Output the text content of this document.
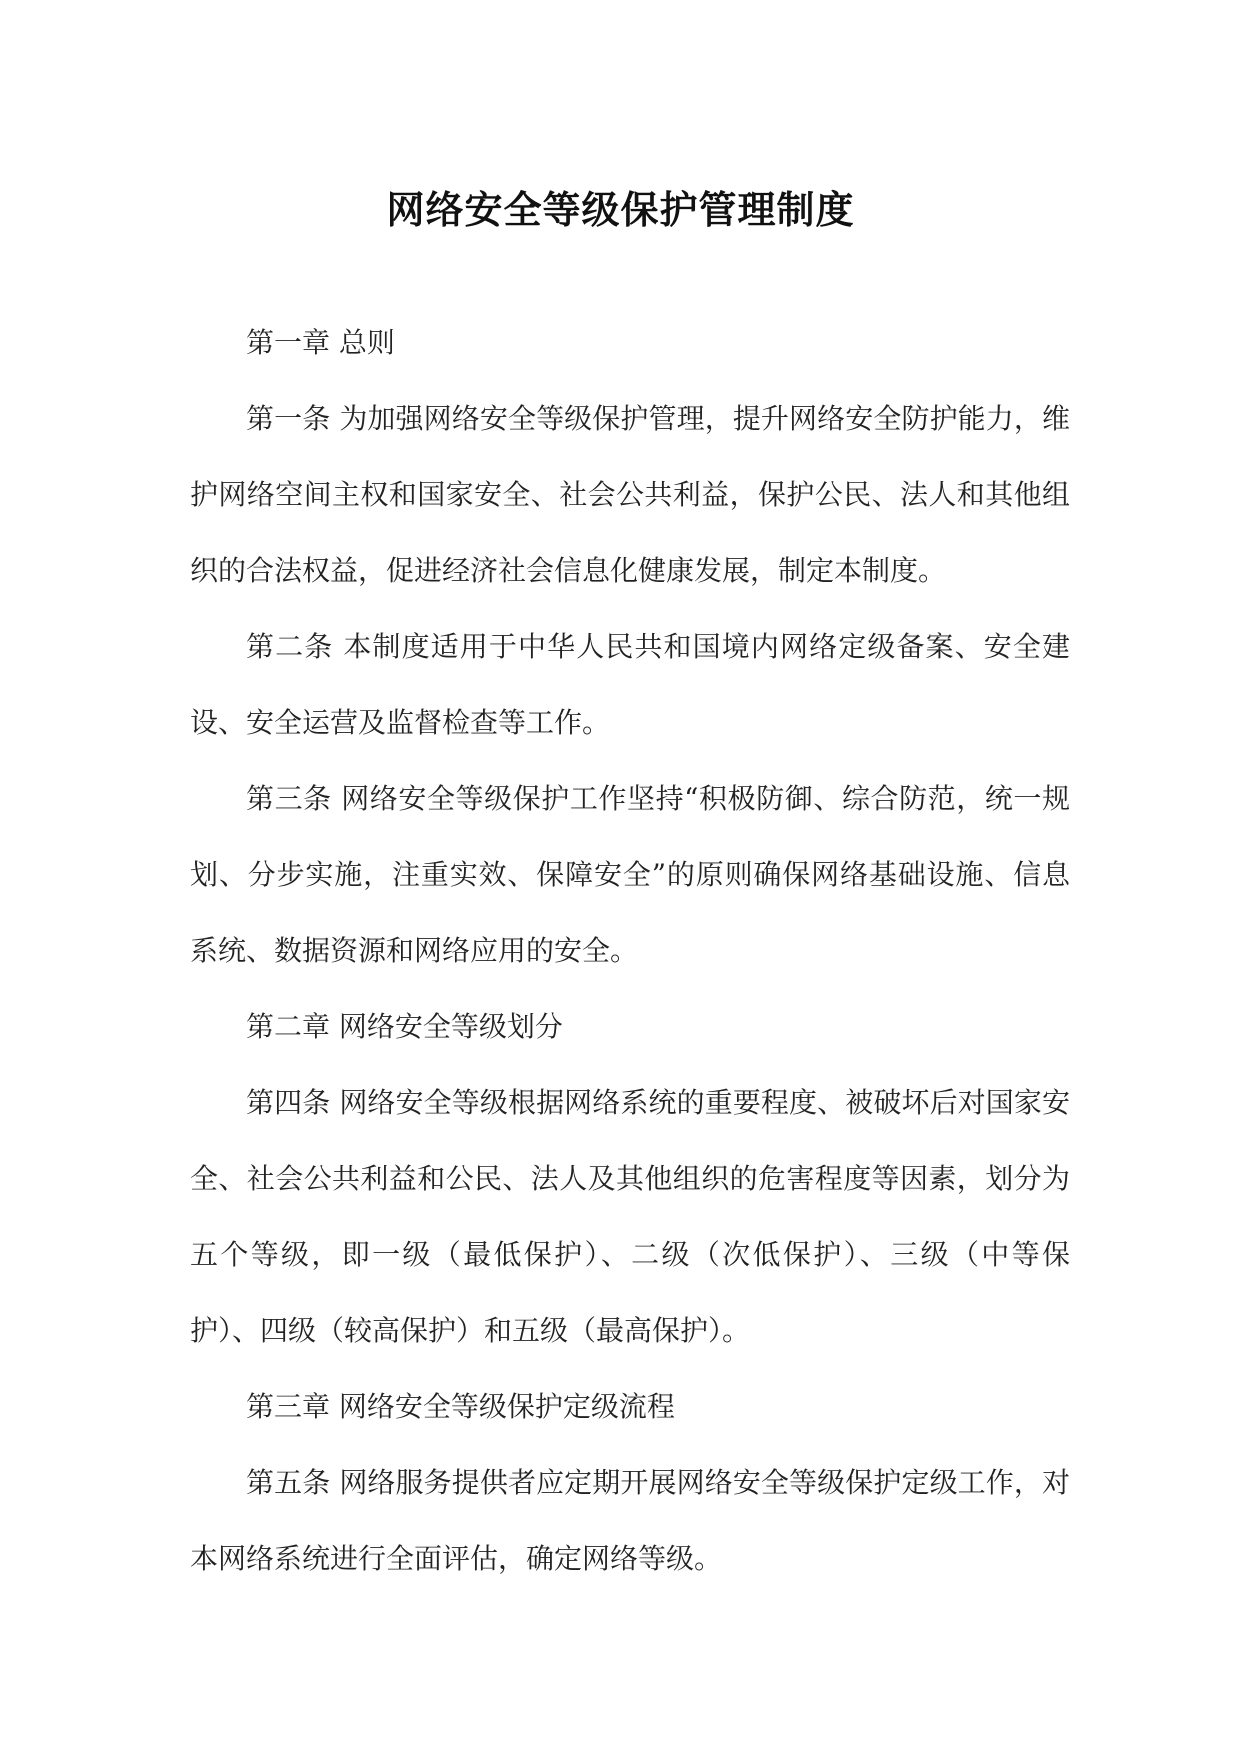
网络安全等级保护管理制度

第一章 总则

第一条 为加强网络安全等级保护管理，提升网络安全防护能力，维护网络空间主权和国家安全、社会公共利益，保护公民、法人和其他组织的合法权益，促进经济社会信息化健康发展，制定本制度。

第二条 本制度适用于中华人民共和国境内网络定级备案、安全建设、安全运营及监督检查等工作。

第三条 网络安全等级保护工作坚持“积极防御、综合防范，统一规划、分步实施，注重实效、保障安全”的原则确保网络基础设施、信息系统、数据资源和网络应用的安全。

第二章 网络安全等级划分

第四条 网络安全等级根据网络系统的重要程度、被破坏后对国家安全、社会公共利益和公民、法人及其他组织的危害程度等因素，划分为五个等级，即一级（最低保护）、二级（次低保护）、三级（中等保护）、四级（较高保护）和五级（最高保护）。

第三章 网络安全等级保护定级流程

第五条 网络服务提供者应定期开展网络安全等级保护定级工作，对本网络系统进行全面评估，确定网络等级。
